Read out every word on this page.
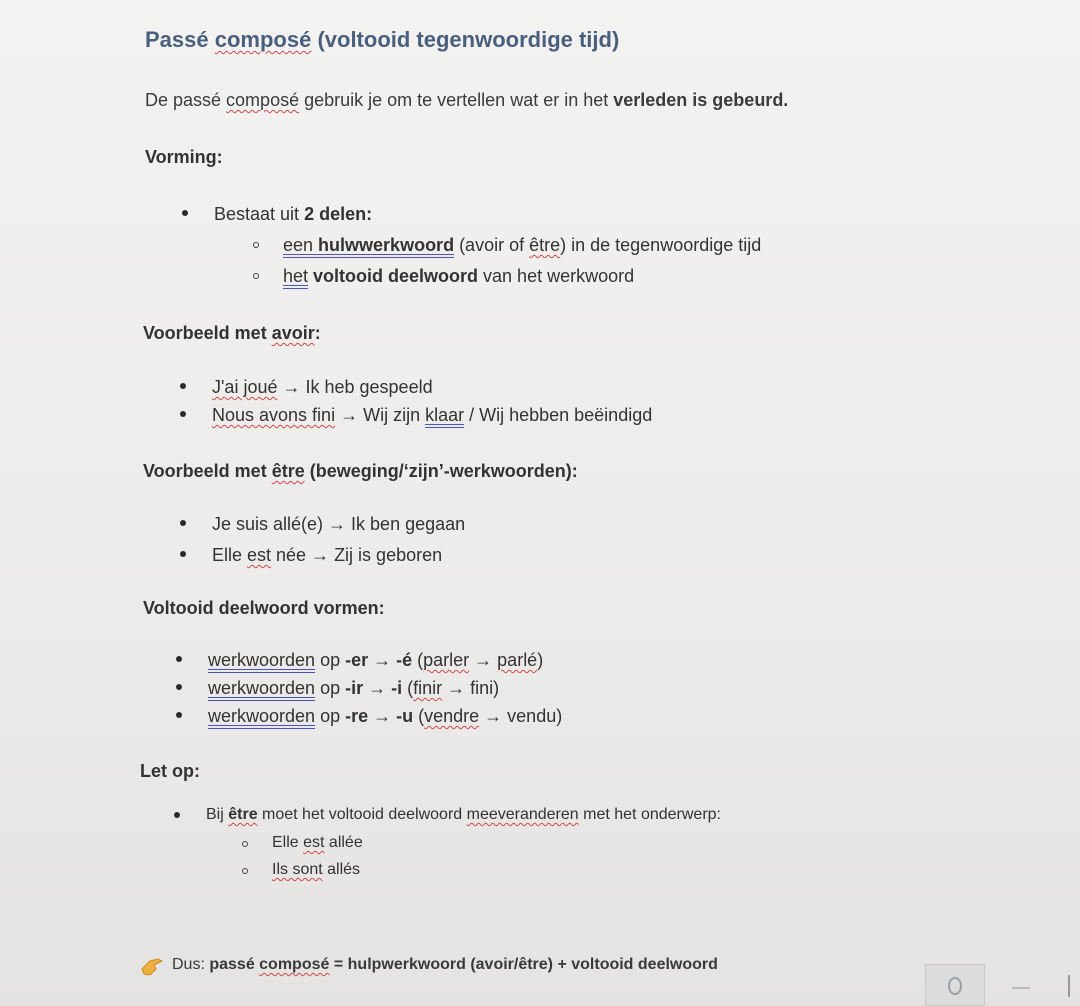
Passé composé (voltooid tegenwoordige tijd)
De passé composé gebruik je om te vertellen wat er in het verleden is gebeurd.
Vorming:
Bestaat uit 2 delen:
een hulwwerkwoord (avoir of être) in de tegenwoordige tijd
het voltooid deelwoord van het werkwoord
Voorbeeld met avoir:
J'ai joué → Ik heb gespeeld
Nous avons fini → Wij zijn klaar / Wij hebben beëindigd
Voorbeeld met être (beweging/‘zijn’-werkwoorden):
Je suis allé(e) → Ik ben gegaan
Elle est née → Zij is geboren
Voltooid deelwoord vormen:
werkwoorden op -er → -é (parler → parlé)
werkwoorden op -ir → -i (finir → fini)
werkwoorden op -re → -u (vendre → vendu)
Let op:
Bij être moet het voltooid deelwoord meeveranderen met het onderwerp:
Elle est allée
Ils sont allés
Dus: passé composé = hulpwerkwoord (avoir/être) + voltooid deelwoord
